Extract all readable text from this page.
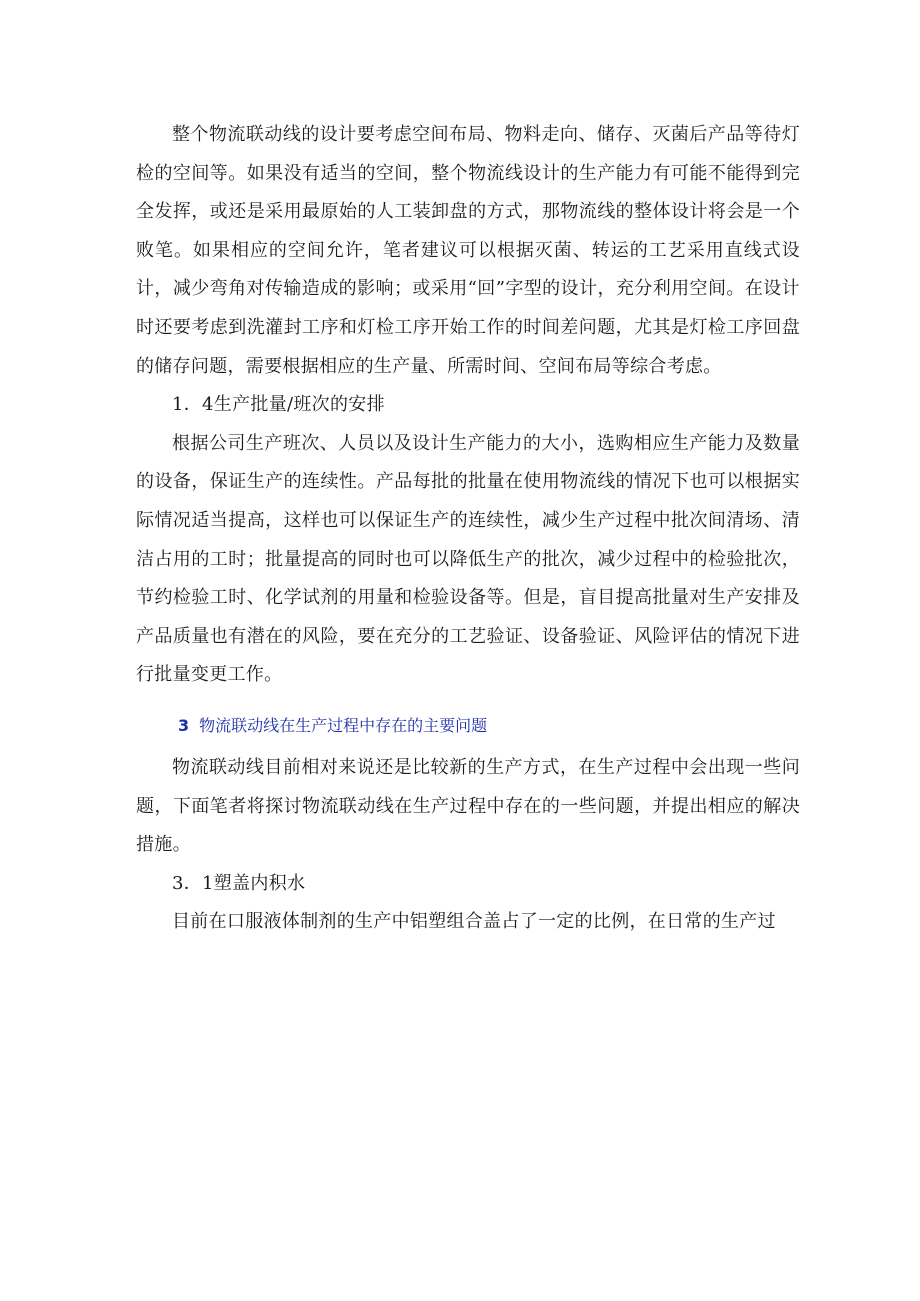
整个物流联动线的设计要考虑空间布局、物料走向、储存、灭菌后产品等待灯检的空间等。如果没有适当的空间，整个物流线设计的生产能力有可能不能得到完全发挥，或还是采用最原始的人工装卸盘的方式，那物流线的整体设计将会是一个败笔。如果相应的空间允许，笔者建议可以根据灭菌、转运的工艺采用直线式设计，减少弯角对传输造成的影响；或采用“回”字型的设计，充分利用空间。在设计时还要考虑到洗灌封工序和灯检工序开始工作的时间差问题，尤其是灯检工序回盘的储存问题，需要根据相应的生产量、所需时间、空间布局等综合考虑。

1．4生产批量/班次的安排

根据公司生产班次、人员以及设计生产能力的大小，选购相应生产能力及数量的设备，保证生产的连续性。产品每批的批量在使用物流线的情况下也可以根据实际情况适当提高，这样也可以保证生产的连续性，减少生产过程中批次间清场、清洁占用的工时；批量提高的同时也可以降低生产的批次，减少过程中的检验批次，节约检验工时、化学试剂的用量和检验设备等。但是，盲目提高批量对生产安排及产品质量也有潜在的风险，要在充分的工艺验证、设备验证、风险评估的情况下进行批量变更工作。

3 物流联动线在生产过程中存在的主要问题

物流联动线目前相对来说还是比较新的生产方式，在生产过程中会出现一些问题，下面笔者将探讨物流联动线在生产过程中存在的一些问题，并提出相应的解决措施。

3．1塑盖内积水

目前在口服液体制剂的生产中铝塑组合盖占了一定的比例，在日常的生产过
